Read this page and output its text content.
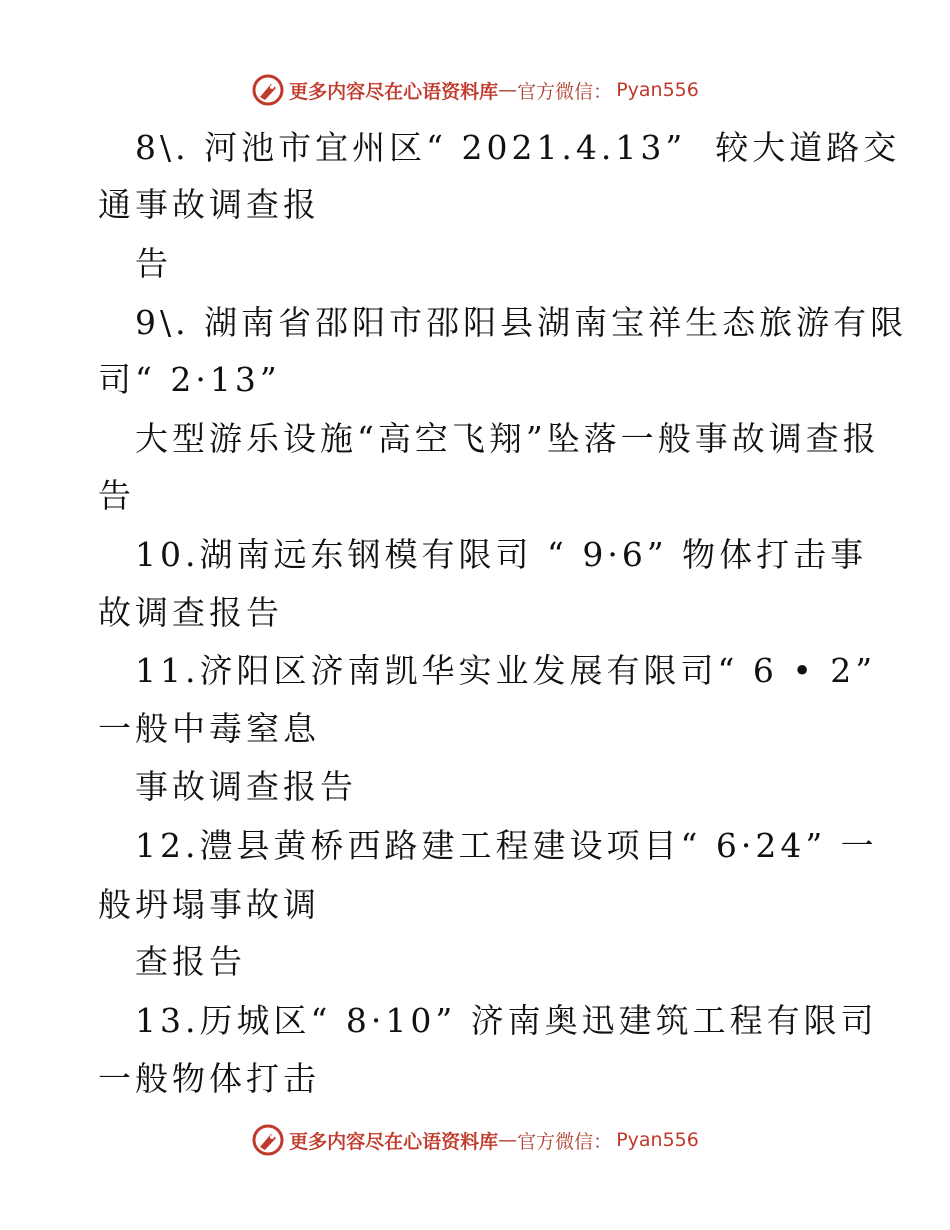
更多内容尽在心语资料库 — 官方微信： Pyan556
8\. 河池市宜州区“ 2021.4.13”  较大道路交
通事故调查报
告
9\. 湖南省邵阳市邵阳县湖南宝祥生态旅游有限
司“ 2·13”
大型游乐设施“高空飞翔”坠落一般事故调查报
告
10.湖南远东钢模有限司 “ 9·6” 物体打击事
故调查报告
11.济阳区济南凯华实业发展有限司“ 6 • 2”
一般中毒窒息
事故调查报告
12.澧县黄桥西路建工程建设项目“ 6·24” 一
般坍塌事故调
查报告
13.历城区“ 8·10” 济南奥迅建筑工程有限司
一般物体打击
更多内容尽在心语资料库 — 官方微信： Pyan556
